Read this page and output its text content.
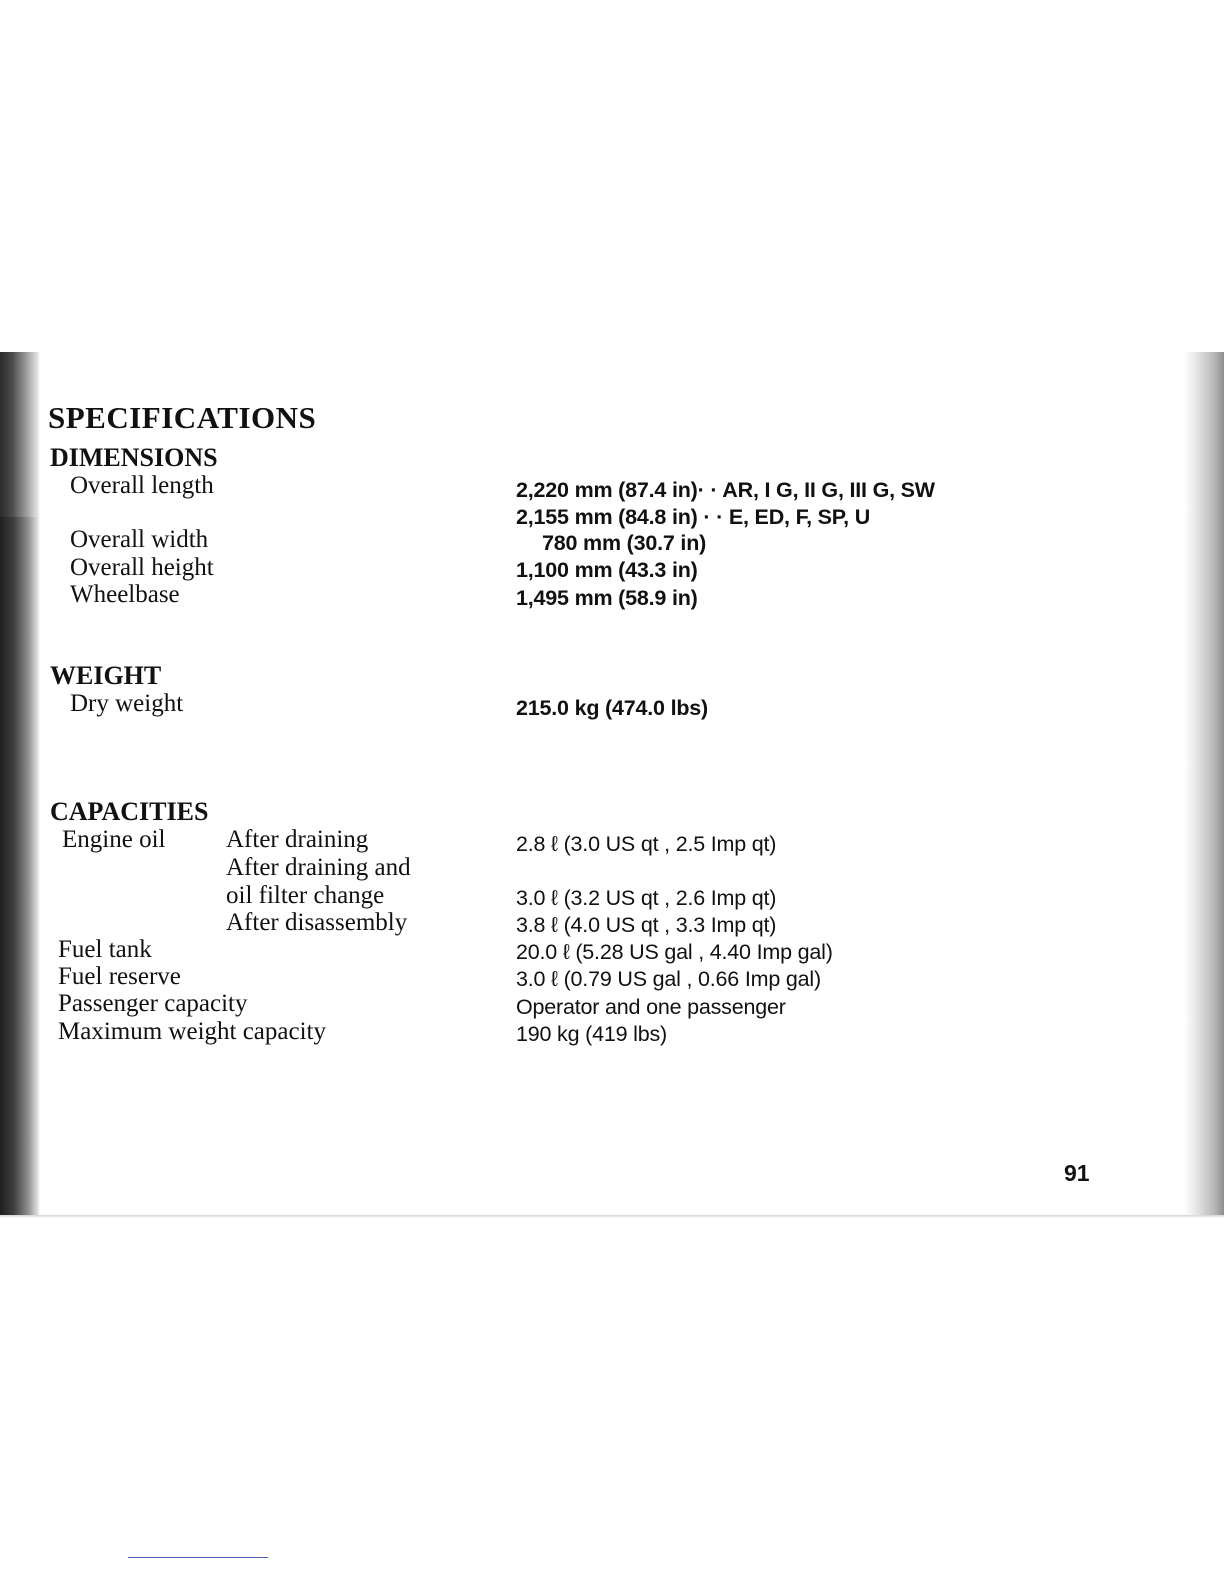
SPECIFICATIONS
DIMENSIONS
Overall length	2,220 mm (87.4 in)· · AR, I G, II G, III G, SW
2,155 mm (84.8 in) · · E, ED, F, SP, U
Overall width	780 mm (30.7 in)
Overall height	1,100 mm (43.3 in)
Wheelbase	1,495 mm (58.9 in)
WEIGHT
Dry weight	215.0 kg (474.0 lbs)
CAPACITIES
Engine oil After draining	2.8 ℓ (3.0 US qt , 2.5 Imp qt)
After draining and
oil filter change	3.0 ℓ (3.2 US qt , 2.6 Imp qt)
After disassembly	3.8 ℓ (4.0 US qt , 3.3 Imp qt)
Fuel tank	20.0 ℓ (5.28 US gal , 4.40 Imp gal)
Fuel reserve	3.0 ℓ (0.79 US gal , 0.66 Imp gal)
Passenger capacity	Operator and one passenger
Maximum weight capacity	190 kg (419 lbs)
91
